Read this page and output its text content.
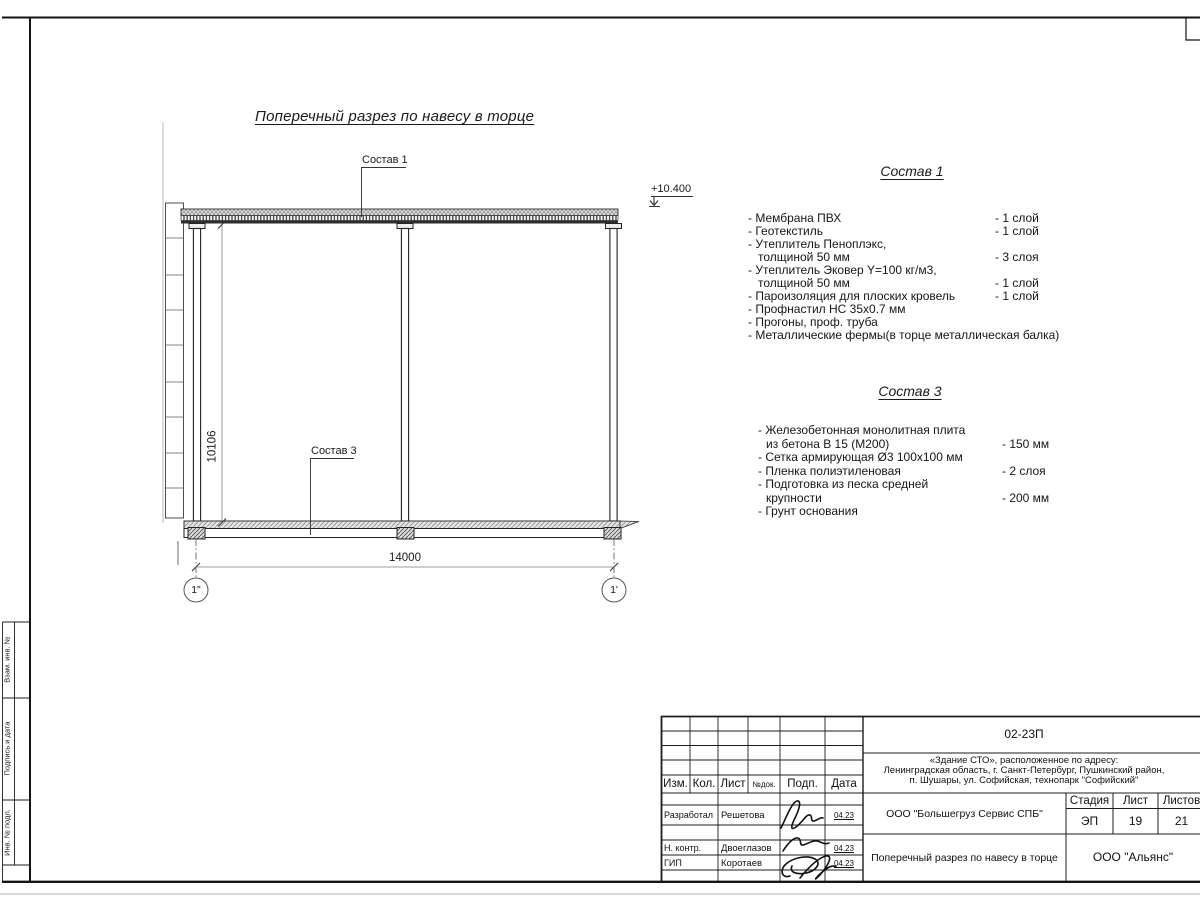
Поперечный разрез по навесу в торце
Состав 1
Состав 3
+10.400
14000
10106
1"	1'
Состав 1
- Мембрана ПВХ	- 1 слой
- Геотекстиль	- 1 слой
- Утеплитель Пеноплэкс,
толщиной 50 мм	- 3 слоя
- Утеплитель Эковер Y=100 кг/м3,
толщиной 50 мм	- 1 слой
- Пароизоляция для плоских кровель	- 1 слой
- Профнастил НС 35х0.7 мм
- Прогоны, проф. труба
- Металлические фермы(в торце металлическая балка)
Состав 3
- Железобетонная монолитная плита
из бетона В 15 (М200)	- 150 мм
- Сетка армирующая Ø3 100х100 мм
- Пленка полиэтиленовая	- 2 слоя
- Подготовка из песка средней
крупности	- 200 мм
- Грунт основания
Взам. инв. №
Подпись и дата
Инв. № подл.
02-23П
«Здание СТО», расположенное по адресу:
Ленинградская область, г. Санкт-Петербург, Пушкинский район,
п. Шушары, ул. Софийская, технопарк "Софийский"
Изм. Кол. Лист №док.	Подп.	Дата
Разработал Решетова	04.23
Н. контр. Двоеглазов	04.23
ГИП	Коротаев	04.23
ООО "Большегруз Сервис СПБ"
Стадия	Лист	Листов
ЭП	19	21
Поперечный разрез по навесу в торце	ООО "Альянс"
